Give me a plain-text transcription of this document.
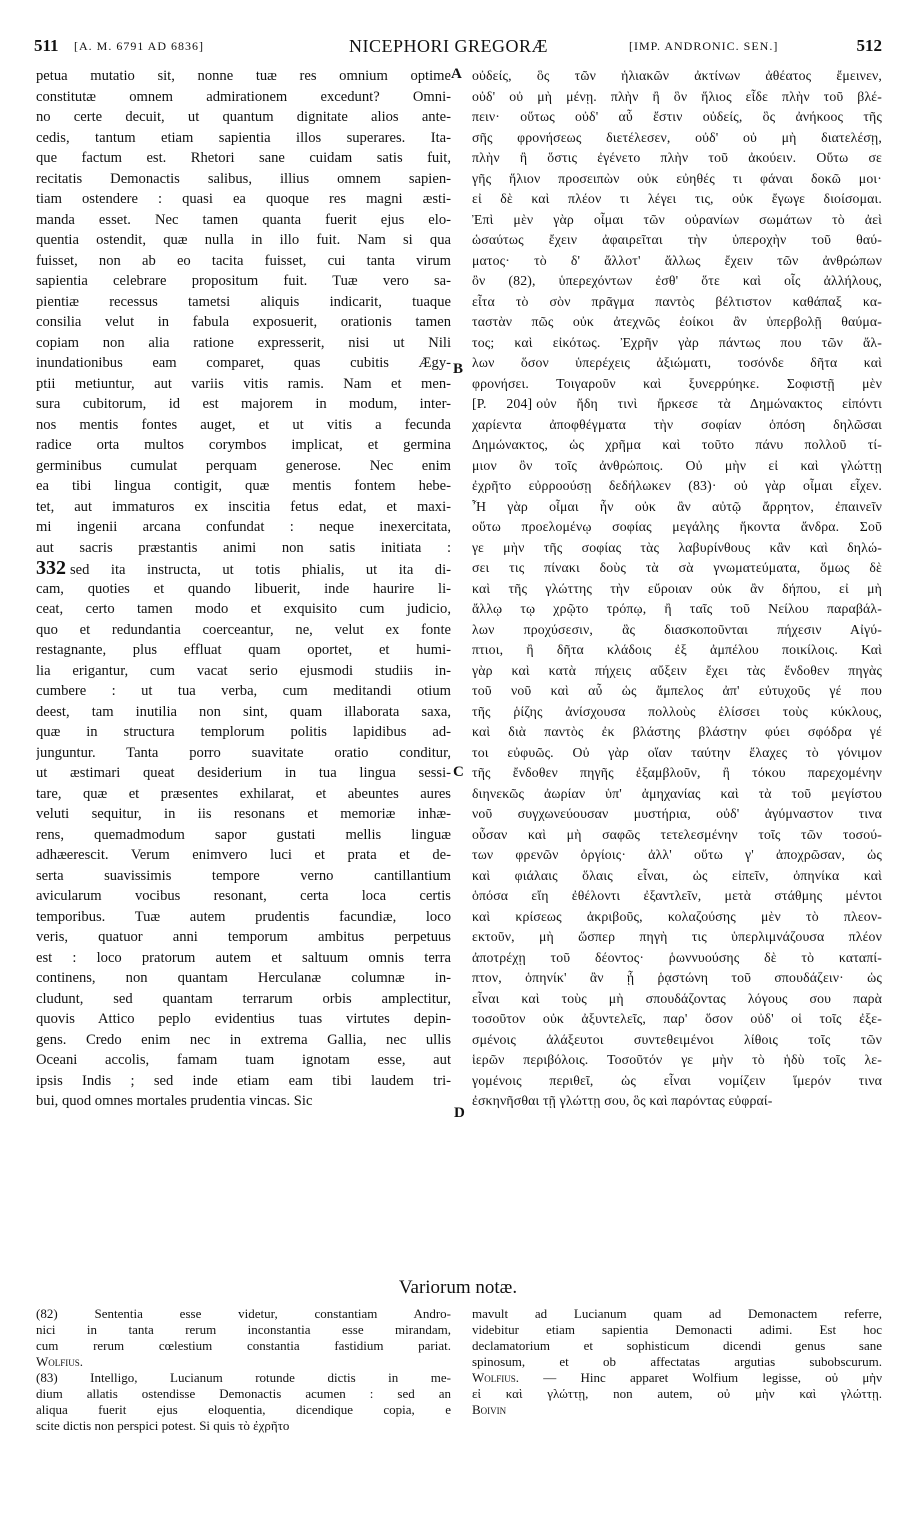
511 [A. M. 6791 AD 6836]	NICEPHORI GREGORÆ	[IMP. ANDRONIC. SEN.]	512
A
B
C
D
petua mutatio sit, nonne tuæ res omnium optime
constitutæ omnem admirationem excedunt? Omni-
no certe decuit, ut quantum dignitate alios ante-
cedis, tantum etiam sapientia illos superares. Ita-
que factum est. Rhetori sane cuidam satis fuit,
recitatis Demonactis salibus, illius omnem sapien-
tiam ostendere : quasi ea quoque res magni æsti-
manda esset. Nec tamen quanta fuerit ejus elo-
quentia ostendit, quæ nulla in illo fuit. Nam si qua
fuisset, non ab eo tacita fuisset, cui tanta virum
sapientia celebrare propositum fuit. Tuæ vero sa-
pientiæ recessus tametsi aliquis indicarit, tuaque
consilia velut in fabula exposuerit, orationis tamen
copiam non alia ratione expresserit, nisi ut Nili
inundationibus eam comparet, quas cubitis Ægy-
ptii metiuntur, aut variis vitis ramis. Nam et men-
sura cubitorum, id est majorem in modum, inter-
nos mentis fontes auget, et ut vitis a fecunda
radice orta multos corymbos implicat, et germina
germinibus cumulat perquam generose. Nec enim
ea tibi lingua contigit, quæ mentis fontem hebe-
tet, aut immaturos ex inscitia fetus edat, et maxi-
mi ingenii arcana confundat : neque inexercitata,
aut sacris præstantis animi non satis initiata :
332 sed ita instructa, ut totis phialis, ut ita di-
cam, quoties et quando libuerit, inde haurire li-
ceat, certo tamen modo et exquisito cum judicio,
quo et redundantia coerceantur, ne, velut ex fonte
restagnante, plus effluat quam oportet, et humi-
lia erigantur, cum vacat serio ejusmodi studiis in-
cumbere : ut tua verba, cum meditandi otium
deest, tam inutilia non sint, quam illaborata saxa,
quæ in structura templorum politis lapidibus ad-
junguntur. Tanta porro suavitate oratio conditur,
ut æstimari queat desiderium in tua lingua sessi-
tare, quæ et præsentes exhilarat, et abeuntes aures
veluti sequitur, in iis resonans et memoriæ inhæ-
rens, quemadmodum sapor gustati mellis linguæ
adhæerescit. Verum enimvero luci et prata et de-
serta suavissimis tempore verno cantillantium
avicularum vocibus resonant, certa loca certis
temporibus. Tuæ autem prudentis facundiæ, loco
veris, quatuor anni temporum ambitus perpetuus
est : loco pratorum autem et saltuum omnis terra
continens, non quantam Herculanæ columnæ in-
cludunt, sed quantam terrarum orbis amplectitur,
quovis Attico peplo evidentius tuas virtutes depin-
gens. Credo enim nec in extrema Gallia, nec ullis
Oceani accolis, famam tuam ignotam esse, aut
ipsis Indis ; sed inde etiam eam tibi laudem tri-
bui, quod omnes mortales prudentia vincas. Sic
οὐδείς, ὃς τῶν ἡλιακῶν ἀκτίνων ἀθέατος ἔμεινεν,
οὐδ' οὐ μὴ μένῃ. πλὴν ἢ ὃν ἥλιος εἶδε πλὴν τοῦ βλέ-
πειν· οὕτως οὐδ' αὖ ἔστιν οὐδείς, ὃς ἀνήκοος τῆς
σῆς φρονήσεως διετέλεσεν, οὐδ' οὐ μὴ διατελέσῃ,
πλὴν ἢ ὅστις ἐγένετο πλὴν τοῦ ἀκούειν. Οὕτω σε
γῆς ἥλιον προσειπὼν οὐκ εὐηθές τι φάναι δοκῶ μοι·
εἰ δὲ καὶ πλέον τι λέγει τις, οὐκ ἔγωγε διοίσομαι.
Ἐπὶ μὲν γὰρ οἶμαι τῶν οὐρανίων σωμάτων τὸ ἀεὶ
ὡσαύτως ἔχειν ἀφαιρεῖται τὴν ὑπεροχὴν τοῦ θαύ-
ματος· τὸ δ' ἄλλοτ' ἄλλως ἔχειν τῶν ἀνθρώπων
ὂν (82), ὑπερεχόντων ἐσθ' ὅτε καὶ οἷς ἀλλήλους,
εἶτα τὸ σὸν πρᾶγμα παντὸς βέλτιστον καθάπαξ κα-
ταστὰν πῶς οὐκ ἀτεχνῶς ἐοίκοι ἂν ὑπερβολῇ θαύμα-
τος; καὶ εἰκότως. Ἐχρῆν γὰρ πάντως που τῶν ἄλ-
λων ὅσον ὑπερέχεις ἀξιώματι, τοσόνδε δῆτα καὶ
φρονήσει. Τοιγαροῦν καὶ ξυνερρύηκε. Σοφιστῇ μὲν
[P. 204] οὐν ἤδη τινὶ ἤρκεσε τὰ Δημώνακτος εἰπόντι
χαρίεντα ἀποφθέγματα τὴν σοφίαν ὁπόση δηλῶσαι
Δημώνακτος, ὡς χρῆμα καὶ τοῦτο πάνυ πολλοῦ τί-
μιον ὂν τοῖς ἀνθρώποις. Οὐ μὴν εἰ καὶ γλώττῃ
ἐχρῆτο εὐρροούσῃ δεδήλωκεν (83)· οὐ γὰρ οἶμαι εἶχεν.
Ἦ γὰρ οἶμαι ἦν οὐκ ἂν αὐτῷ ἄρρητον, ἐπαινεῖν
οὕτω προελομένῳ σοφίας μεγάλης ἥκοντα ἄνδρα. Σοῦ
γε μὴν τῆς σοφίας τὰς λαβυρίνθους κἂν καὶ δηλώ-
σει τις πίνακι δοὺς τὰ σὰ γνωματεύματα, ὅμως δὲ
καὶ τῆς γλώττης τὴν εὔροιαν οὐκ ἂν δήπου, εἰ μὴ
ἄλλῳ τῳ χρῷτο τρόπῳ, ἢ ταῖς τοῦ Νείλου παραβάλ-
λων προχύσεσιν, ἃς διασκοποῦνται πήχεσιν Αἰγύ-
πτιοι, ἢ δῆτα κλάδοις ἐξ ἀμπέλου ποικίλοις. Καὶ
γὰρ καὶ κατὰ πήχεις αὔξειν ἔχει τὰς ἔνδοθεν πηγὰς
τοῦ νοῦ καὶ αὖ ὡς ἄμπελος ἀπ' εὐτυχοῦς γέ που
τῆς ῥίζης ἀνίσχουσα πολλοὺς ἑλίσσει τοὺς κύκλους,
καὶ διὰ παντὸς ἐκ βλάστης βλάστην φύει σφόδρα γέ
τοι εὐφυῶς. Οὐ γὰρ οἵαν ταύτην ἔλαχες τὸ γόνιμον
τῆς ἔνδοθεν πηγῆς ἐξαμβλοῦν, ἢ τόκου παρεχομένην
διηνεκῶς ἀωρίαν ὑπ' ἀμηχανίας καὶ τὰ τοῦ μεγίστου
νοῦ συγχωνεύουσαν μυστήρια, οὐδ' ἀγύμναστον τινα
οὖσαν καὶ μὴ σαφῶς τετελεσμένην τοῖς τῶν τοσού-
των φρενῶν ὀργίοις· ἀλλ' οὕτω γ' ἀποχρῶσαν, ὡς
καὶ φιάλαις ὅλαις εἶναι, ὡς εἰπεῖν, ὁπηνίκα καὶ
ὁπόσα εἴη ἐθέλοντι ἐξαντλεῖν, μετὰ στάθμης μέντοι
καὶ κρίσεως ἀκριβοῦς, κολαζούσης μὲν τὸ πλεον-
εκτοῦν, μὴ ὥσπερ πηγὴ τις ὑπερλιμνάζουσα πλέον
ἀποτρέχῃ τοῦ δέοντος· ῥωννυούσης δὲ τὸ καταπί-
πτον, ὁπηνίκ' ἂν ᾖ ῥᾳστώνη τοῦ σπουδάζειν· ὡς
εἶναι καὶ τοὺς μὴ σπουδάζοντας λόγους σου παρὰ
τοσοῦτον οὐκ ἀξυντελεῖς, παρ' ὅσον οὐδ' οἱ τοῖς ἐξε-
σμένοις ἀλάξευτοι συντεθειμένοι λίθοις τοῖς τῶν
ἱερῶν περιβόλοις. Τοσοῦτόν γε μὴν τὸ ἡδὺ τοῖς λε-
γομένοις περιθεῖ, ὡς εἶναι νομίζειν ἵμερόν τινα
ἐσκηνῆσθαι τῇ γλώττῃ σου, ὃς καὶ παρόντας εὐφραί-
Variorum notæ.
(82) Sententia esse videtur, constantiam Andro-
nici in tanta rerum inconstantia esse mirandam,
cum rerum cœlestium constantia fastidium pariat.
Wolfius.
(83) Intelligo, Lucianum rotunde dictis in me-
dium allatis ostendisse Demonactis acumen : sed an
aliqua fuerit ejus eloquentia, dicendique copia, e
scite dictis non perspici potest. Si quis τὸ ἐχρῆτο
mavult ad Lucianum quam ad Demonactem referre,
videbitur etiam sapientia Demonacti adimi. Est hoc
declamatorium et sophisticum dicendi genus sane
spinosum, et ob affectatas argutias subobscurum.
Wolfius. — Hinc apparet Wolfium legisse, οὐ μὴν
εἰ καὶ γλώττῃ, non autem, οὐ μὴν καὶ γλώττῃ.
Boivin
